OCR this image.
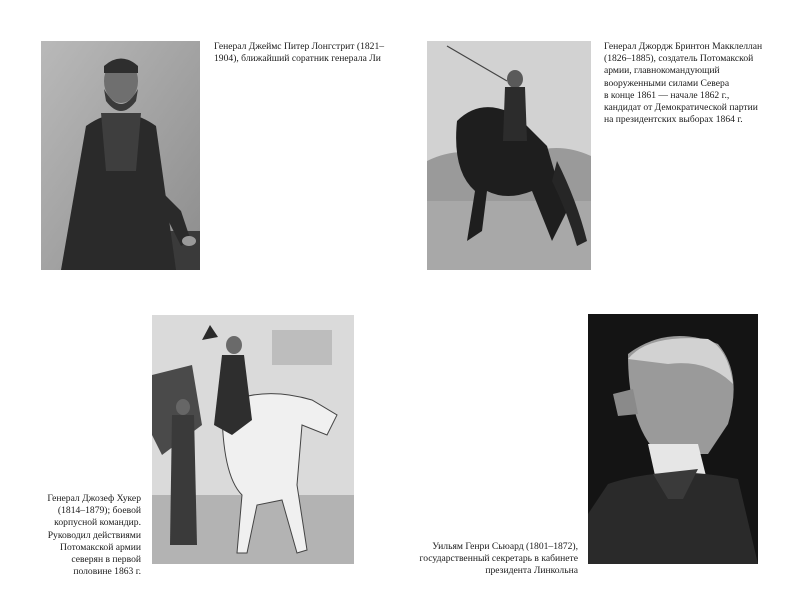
Генерал Джеймс Питер Лонгстрит (1821–
1904), ближайший соратник генерала Ли
Генерал Джордж Бринтон Макклеллан
(1826–1885), создатель Потомакской
армии, главнокомандующий
вооруженными силами Севера
в конце 1861 — начале 1862 г.,
кандидат от Демократической партии
на президентских выборах 1864 г.
Генерал Джозеф Хукер
(1814–1879); боевой
корпусной командир.
Руководил действиями
Потомакской армии
северян в первой
половине 1863 г.
Уильям Генри Сьюард (1801–1872),
государственный секретарь в кабинете
президента Линкольна
